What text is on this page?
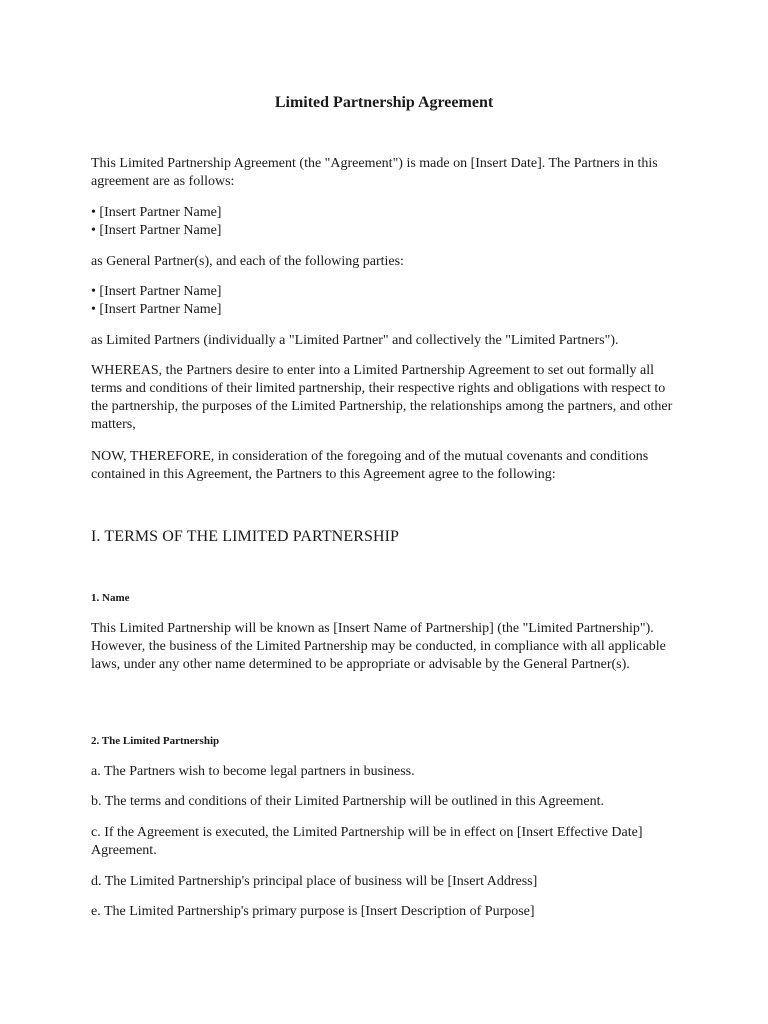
Limited Partnership Agreement

This Limited Partnership Agreement (the "Agreement") is made on [Insert Date]. The Partners in this agreement are as follows:

• [Insert Partner Name]
• [Insert Partner Name]

as General Partner(s), and each of the following parties:

• [Insert Partner Name]
• [Insert Partner Name]

as Limited Partners (individually a "Limited Partner" and collectively the "Limited Partners").

WHEREAS, the Partners desire to enter into a Limited Partnership Agreement to set out formally all terms and conditions of their limited partnership, their respective rights and obligations with respect to the partnership, the purposes of the Limited Partnership, the relationships among the partners, and other matters,

NOW, THEREFORE, in consideration of the foregoing and of the mutual covenants and conditions contained in this Agreement, the Partners to this Agreement agree to the following:

I. TERMS OF THE LIMITED PARTNERSHIP
1. Name

This Limited Partnership will be known as [Insert Name of Partnership] (the "Limited Partnership"). However, the business of the Limited Partnership may be conducted, in compliance with all applicable laws, under any other name determined to be appropriate or advisable by the General Partner(s).

2. The Limited Partnership

a. The Partners wish to become legal partners in business.

b. The terms and conditions of their Limited Partnership will be outlined in this Agreement.

c. If the Agreement is executed, the Limited Partnership will be in effect on [Insert Effective Date] Agreement.

d. The Limited Partnership's principal place of business will be [Insert Address]

e. The Limited Partnership's primary purpose is [Insert Description of Purpose]
